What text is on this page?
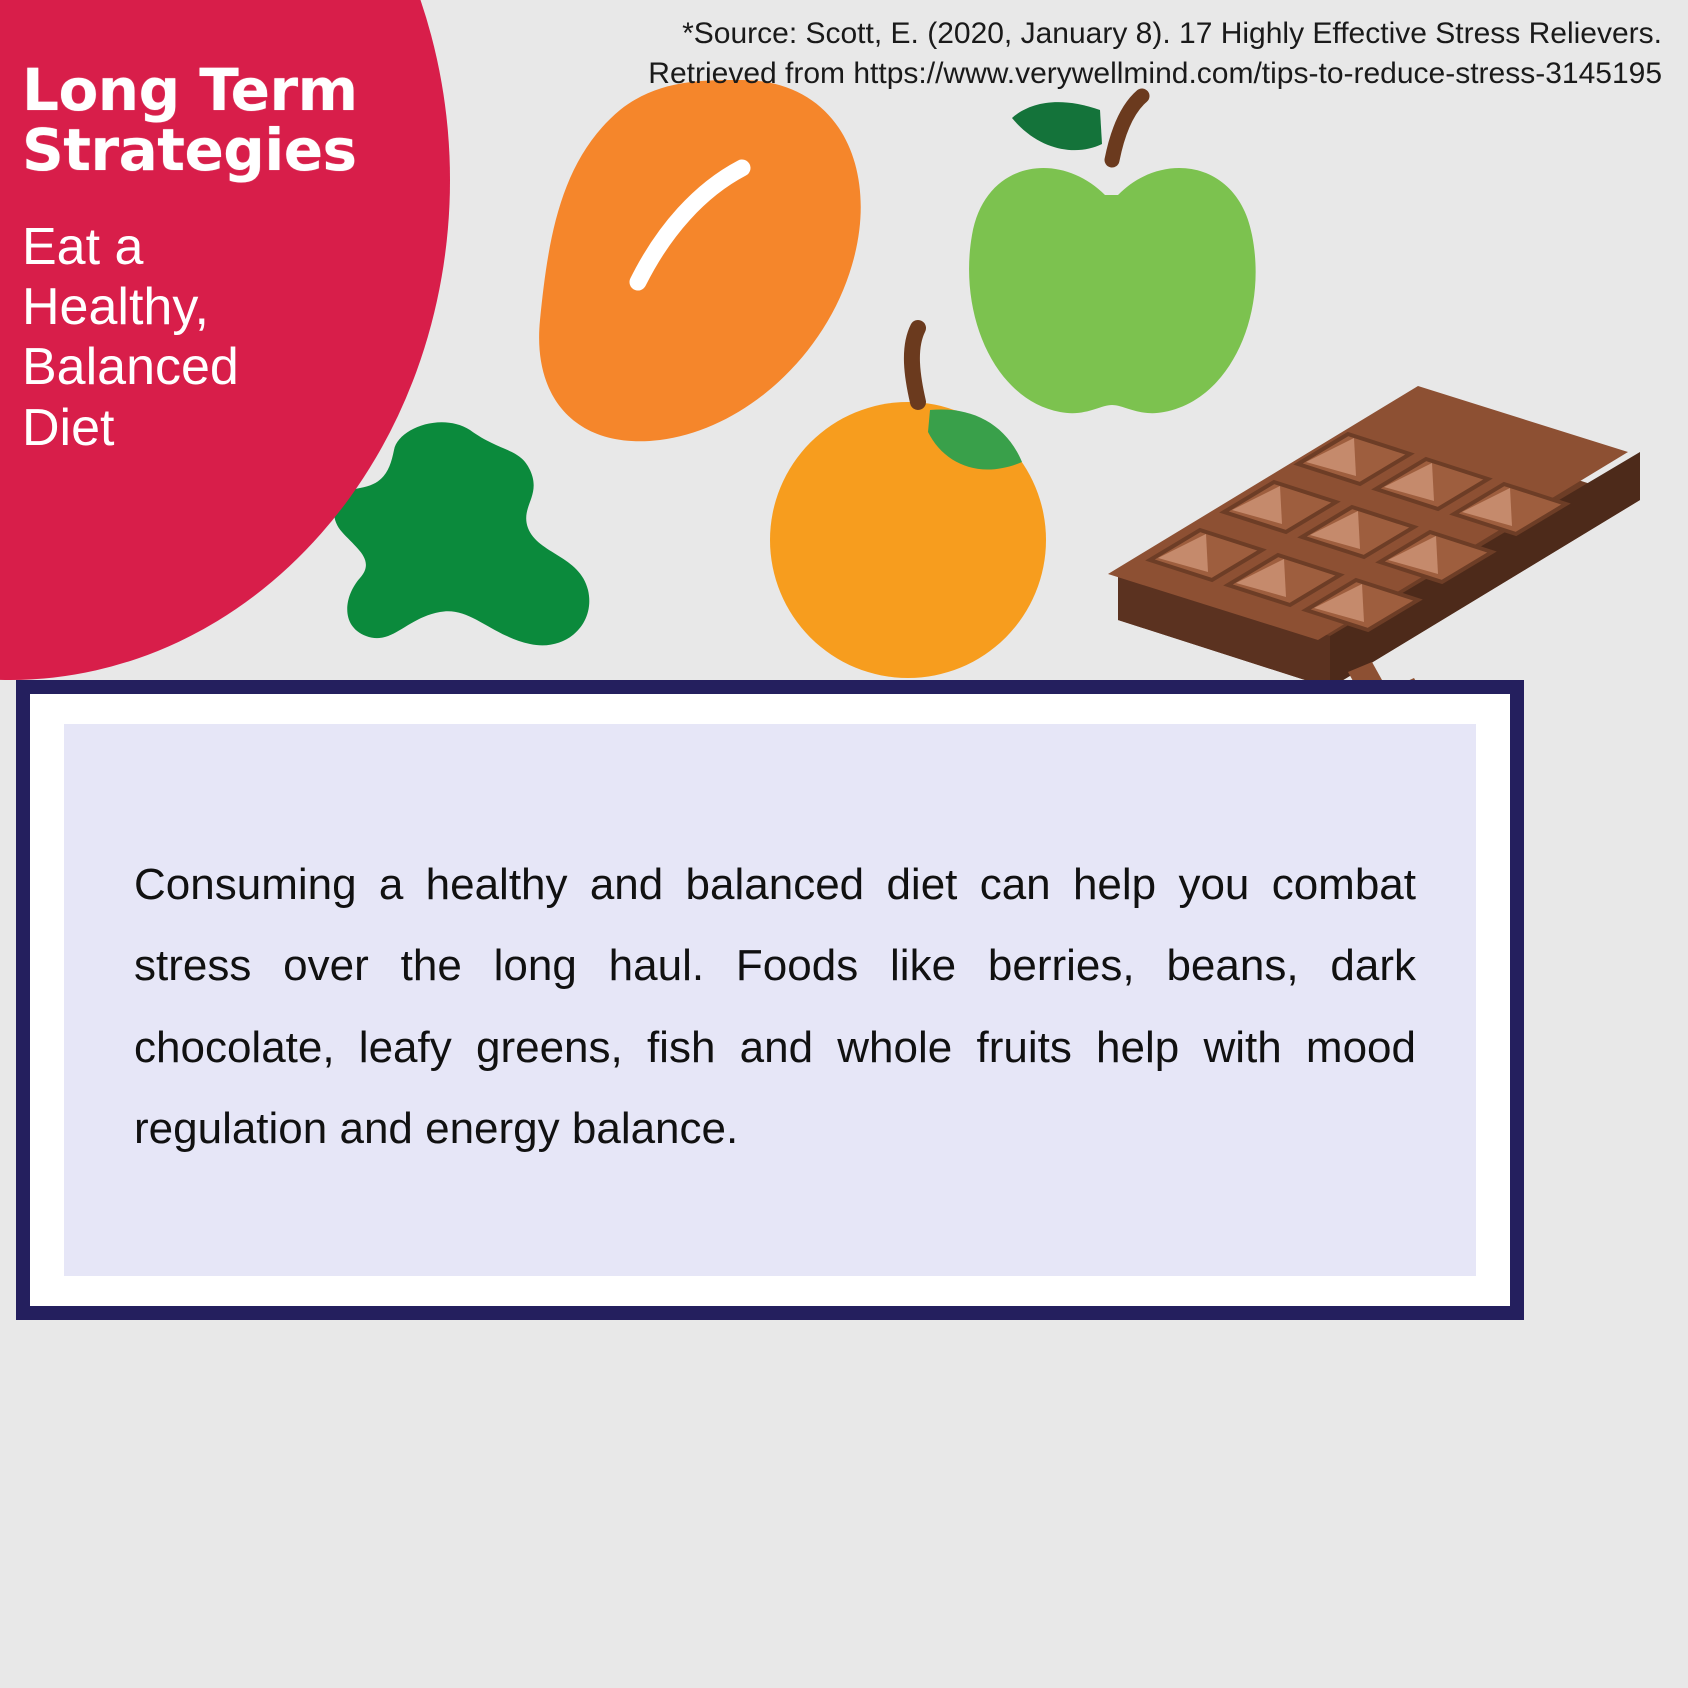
Long Term Strategies
Eat a Healthy, Balanced Diet
*Source: Scott, E. (2020, January 8). 17 Highly Effective Stress Relievers. Retrieved from https://www.verywellmind.com/tips-to-reduce-stress-3145195
Consuming a healthy and balanced diet can help you combat stress over the long haul. Foods like berries, beans, dark chocolate, leafy greens, fish and whole fruits help with mood regulation and energy balance.
